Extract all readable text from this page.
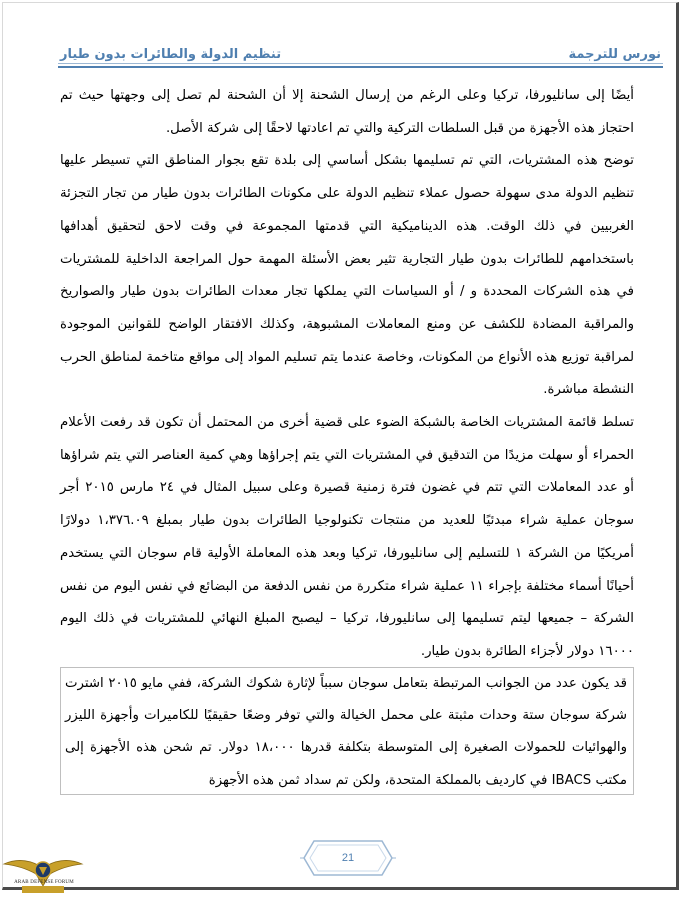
نورس للترجمة
تنظيم الدولة والطائرات بدون طيار

أيضًا إلى سانليورفا، تركيا وعلى الرغم من إرسال الشحنة إلا أن الشحنة لم تصل إلى وجهتها حيث تم احتجاز هذه الأجهزة من قبل السلطات التركية والتي تم اعادتها لاحقًا إلى شركة الأصل.

توضح هذه المشتريات، التي تم تسليمها بشكل أساسي إلى بلدة تقع بجوار المناطق التي تسيطر عليها تنظيم الدولة مدى سهولة حصول عملاء تنظيم الدولة على مكونات الطائرات بدون طيار من تجار التجزئة الغربيين في ذلك الوقت. هذه الديناميكية التي قدمتها المجموعة في وقت لاحق لتحقيق أهدافها باستخدامهم للطائرات بدون طيار التجارية تثير بعض الأسئلة المهمة حول المراجعة الداخلية للمشتريات في هذه الشركات المحددة و / أو السياسات التي يملكها تجار معدات الطائرات بدون طيار والصواريخ والمراقبة المضادة للكشف عن ومنع المعاملات المشبوهة، وكذلك الافتقار الواضح للقوانين الموجودة لمراقبة توزيع هذه الأنواع من المكونات، وخاصة عندما يتم تسليم المواد إلى مواقع متاخمة لمناطق الحرب النشطة مباشرة.

تسلط قائمة المشتريات الخاصة بالشبكة الضوء على قضية أخرى من المحتمل أن تكون قد رفعت الأعلام الحمراء أو سهلت مزيدًا من التدقيق في المشتريات التي يتم إجراؤها وهي كمية العناصر التي يتم شراؤها أو عدد المعاملات التي تتم في غضون فترة زمنية قصيرة وعلى سبيل المثال في ٢٤ مارس ٢٠١٥ أجر سوجان عملية شراء مبدئيًا للعديد من منتجات تكنولوجيا الطائرات بدون طيار بمبلغ ١،٣٧٦.٠٩ دولارًا أمريكيًا من الشركة ١ للتسليم إلى سانليورفا، تركيا وبعد هذه المعاملة الأولية قام سوجان التي يستخدم أحيانًا أسماء مختلفة بإجراء ١١ عملية شراء متكررة من نفس الدفعة من البضائع في نفس اليوم من نفس الشركة – جميعها ليتم تسليمها إلى سانليورفا، تركيا – ليصبح المبلغ النهائي للمشتريات في ذلك اليوم ١٦٠٠٠ دولار لأجزاء الطائرة بدون طيار.

قد يكون عدد من الجوانب المرتبطة بتعامل سوجان سبباً لإثارة شكوك الشركة، ففي مايو ٢٠١٥ اشترت شركة سوجان ستة وحدات مثبتة على محمل الخيالة والتي توفر وضعًا حقيقيًا للكاميرات وأجهزة الليزر والهوائيات للحمولات الصغيرة إلى المتوسطة بتكلفة قدرها ١٨،٠٠٠ دولار. تم شحن هذه الأجهزة إلى مكتب IBACS في كارديف بالمملكة المتحدة، ولكن تم سداد ثمن هذه الأجهزة

21
ARAB DEFENSE FORUM
